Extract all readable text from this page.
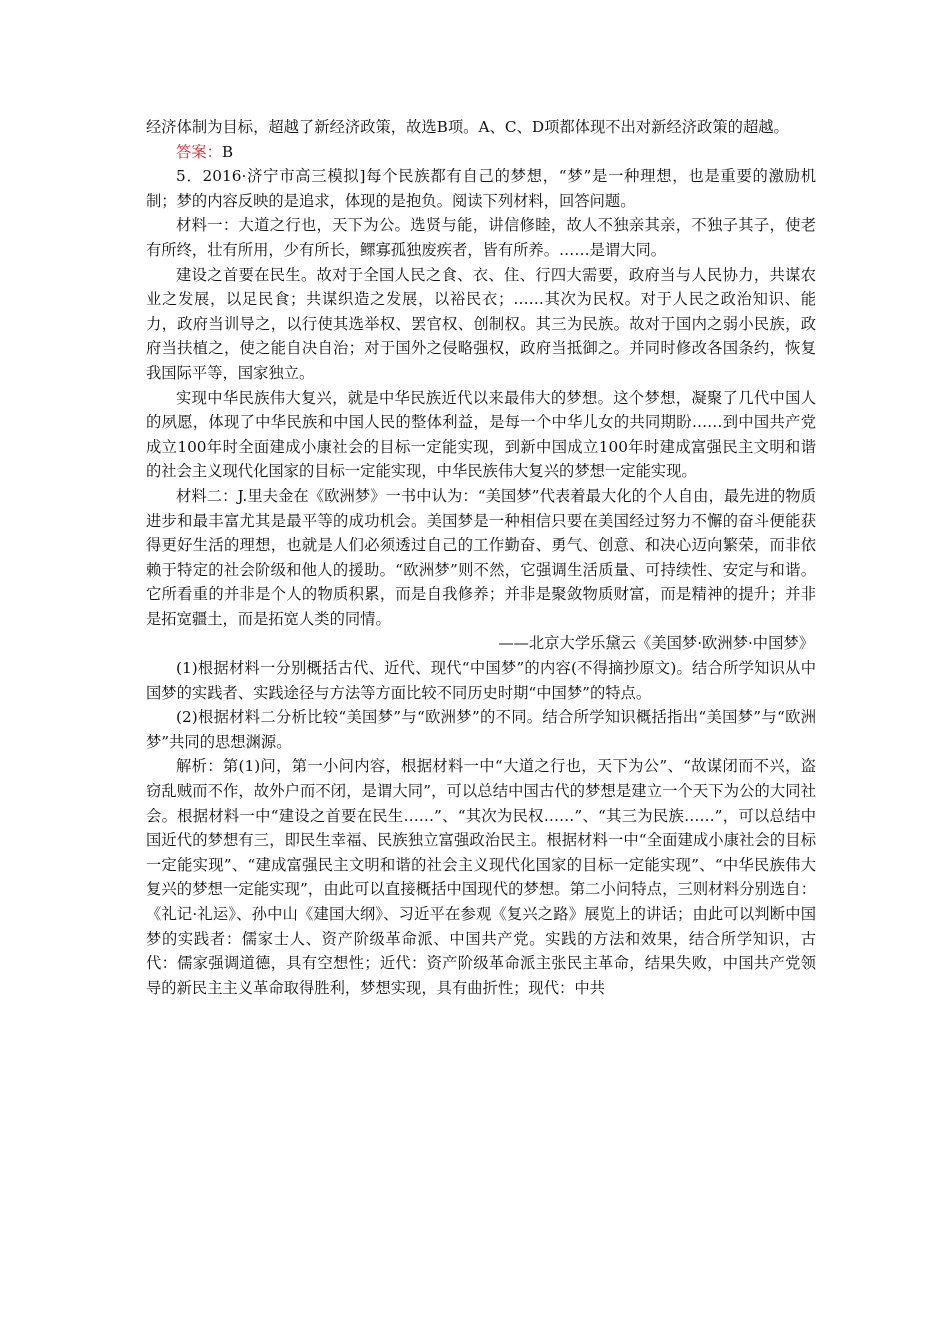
经济体制为目标，超越了新经济政策，故选B项。A、C、D项都体现不出对新经济政策的超越。

答案：B

5．2016·济宁市高三模拟]每个民族都有自己的梦想，“梦”是一种理想，也是重要的激励机制；梦的内容反映的是追求，体现的是抱负。阅读下列材料，回答问题。

材料一：大道之行也，天下为公。选贤与能，讲信修睦，故人不独亲其亲，不独子其子，使老有所终，壮有所用，少有所长，鳏寡孤独废疾者，皆有所养。……是谓大同。

建设之首要在民生。故对于全国人民之食、衣、住、行四大需要，政府当与人民协力，共谋农业之发展，以足民食；共谋织造之发展，以裕民衣；……其次为民权。对于人民之政治知识、能力，政府当训导之，以行使其选举权、罢官权、创制权。其三为民族。故对于国内之弱小民族，政府当扶植之，使之能自决自治；对于国外之侵略强权，政府当抵御之。并同时修改各国条约，恢复我国际平等，国家独立。

实现中华民族伟大复兴，就是中华民族近代以来最伟大的梦想。这个梦想，凝聚了几代中国人的夙愿，体现了中华民族和中国人民的整体利益，是每一个中华儿女的共同期盼……到中国共产党成立100年时全面建成小康社会的目标一定能实现，到新中国成立100年时建成富强民主文明和谐的社会主义现代化国家的目标一定能实现，中华民族伟大复兴的梦想一定能实现。

材料二：J.里夫金在《欧洲梦》一书中认为：“美国梦”代表着最大化的个人自由，最先进的物质进步和最丰富尤其是最平等的成功机会。美国梦是一种相信只要在美国经过努力不懈的奋斗便能获得更好生活的理想，也就是人们必须透过自己的工作勤奋、勇气、创意、和决心迈向繁荣，而非依赖于特定的社会阶级和他人的援助。“欧洲梦”则不然，它强调生活质量、可持续性、安定与和谐。它所看重的并非是个人的物质积累，而是自我修养；并非是聚敛物质财富，而是精神的提升；并非是拓宽疆土，而是拓宽人类的同情。

——北京大学乐黛云《美国梦·欧洲梦·中国梦》

(1)根据材料一分别概括古代、近代、现代“中国梦”的内容(不得摘抄原文)。结合所学知识从中国梦的实践者、实践途径与方法等方面比较不同历史时期“中国梦”的特点。

(2)根据材料二分析比较“美国梦”与“欧洲梦”的不同。结合所学知识概括指出“美国梦”与“欧洲梦”共同的思想渊源。

解析：第(1)问，第一小问内容，根据材料一中“大道之行也，天下为公”、“故谋闭而不兴，盗窃乱贼而不作，故外户而不闭，是谓大同”，可以总结中国古代的梦想是建立一个天下为公的大同社会。根据材料一中“建设之首要在民生……”、“其次为民权……”、“其三为民族……”，可以总结中国近代的梦想有三，即民生幸福、民族独立富强政治民主。根据材料一中“全面建成小康社会的目标一定能实现”、“建成富强民主文明和谐的社会主义现代化国家的目标一定能实现”、“中华民族伟大复兴的梦想一定能实现”，由此可以直接概括中国现代的梦想。第二小问特点，三则材料分别选自：《礼记·礼运》、孙中山《建国大纲》、习近平在参观《复兴之路》展览上的讲话；由此可以判断中国梦的实践者：儒家士人、资产阶级革命派、中国共产党。实践的方法和效果，结合所学知识，古代：儒家强调道德，具有空想性；近代：资产阶级革命派主张民主革命，结果失败，中国共产党领导的新民主主义革命取得胜利，梦想实现，具有曲折性；现代：中共
